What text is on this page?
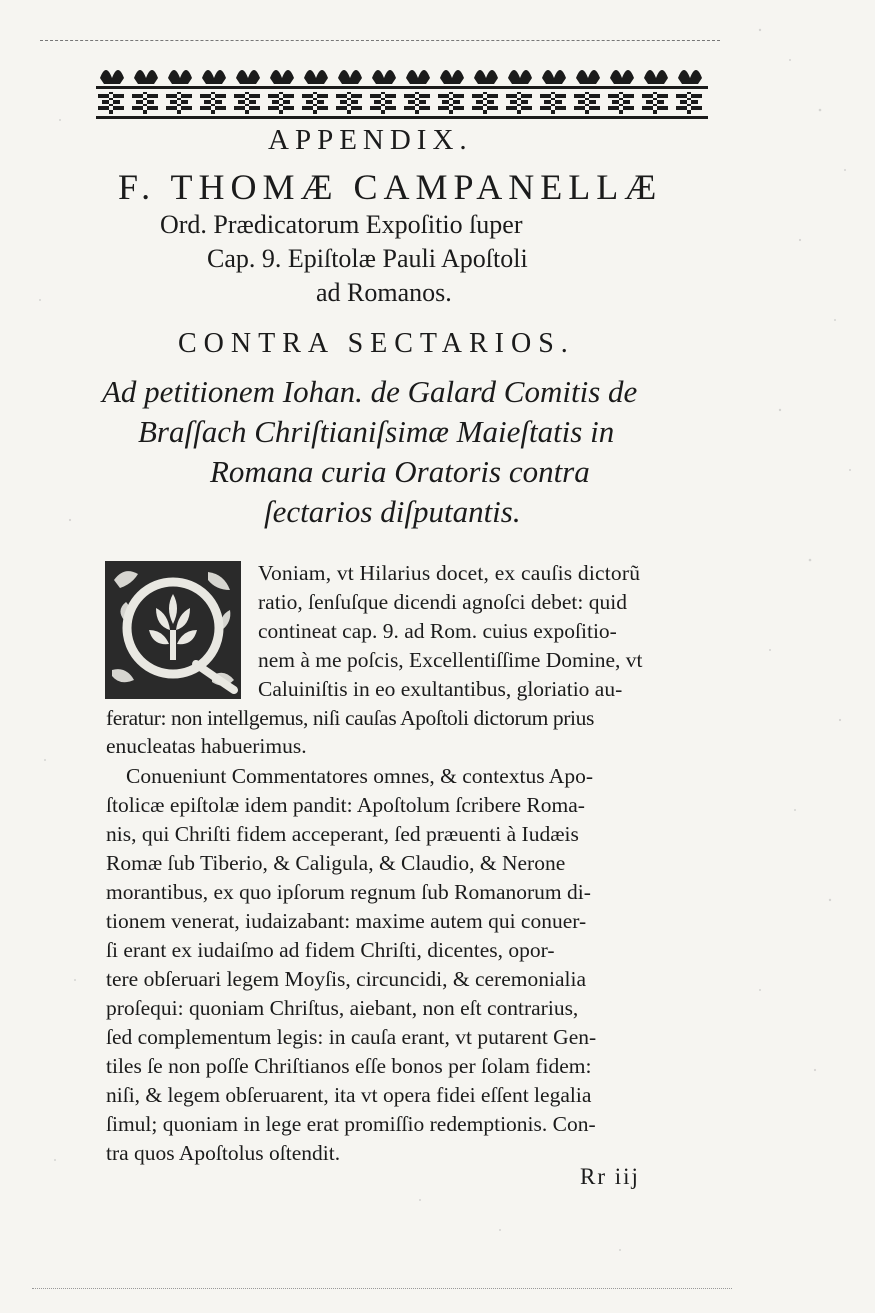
APPENDIX.
F. THOMÆ CAMPANELLÆ
Ord. Prædicatorum Expoſitio ſuper
Cap. 9. Epiſtolæ Pauli Apoſtoli
ad Romanos.
CONTRA SECTARIOS.
Ad petitionem Iohan. de Galard Comitis de
Braſſach Chriſtianiſsimæ Maieſtatis in
Romana curia Oratoris contra
ſectarios diſputantis.
Voniam, vt Hilarius docet, ex cauſis dictorũ
ratio, ſenſuſque dicendi agnoſci debet: quid
contineat cap. 9. ad Rom. cuius expoſitio-
nem à me poſcis, Excellentiſſime Domine, vt
Caluiniſtis in eo exultantibus, gloriatio au-
feratur: non intellgemus, niſi cauſas Apoſtoli dictorum prius
enucleatas habuerimus.
Conueniunt Commentatores omnes, & contextus Apo-
ſtolicæ epiſtolæ idem pandit: Apoſtolum ſcribere Roma-
nis, qui Chriſti fidem acceperant, ſed præuenti à Iudæis
Romæ ſub Tiberio, & Caligula, & Claudio, & Nerone
morantibus, ex quo ipſorum regnum ſub Romanorum di-
tionem venerat, iudaizabant: maxime autem qui conuer-
ſi erant ex iudaiſmo ad fidem Chriſti, dicentes, opor-
tere obſeruari legem Moyſis, circuncidi, & ceremonialia
proſequi: quoniam Chriſtus, aiebant, non eſt contrarius,
ſed complementum legis: in cauſa erant, vt putarent Gen-
tiles ſe non poſſe Chriſtianos eſſe bonos per ſolam fidem:
niſi, & legem obſeruarent, ita vt opera fidei eſſent legalia
ſimul; quoniam in lege erat promiſſio redemptionis. Con-
tra quos Apoſtolus oſtendit.
Rr iij
